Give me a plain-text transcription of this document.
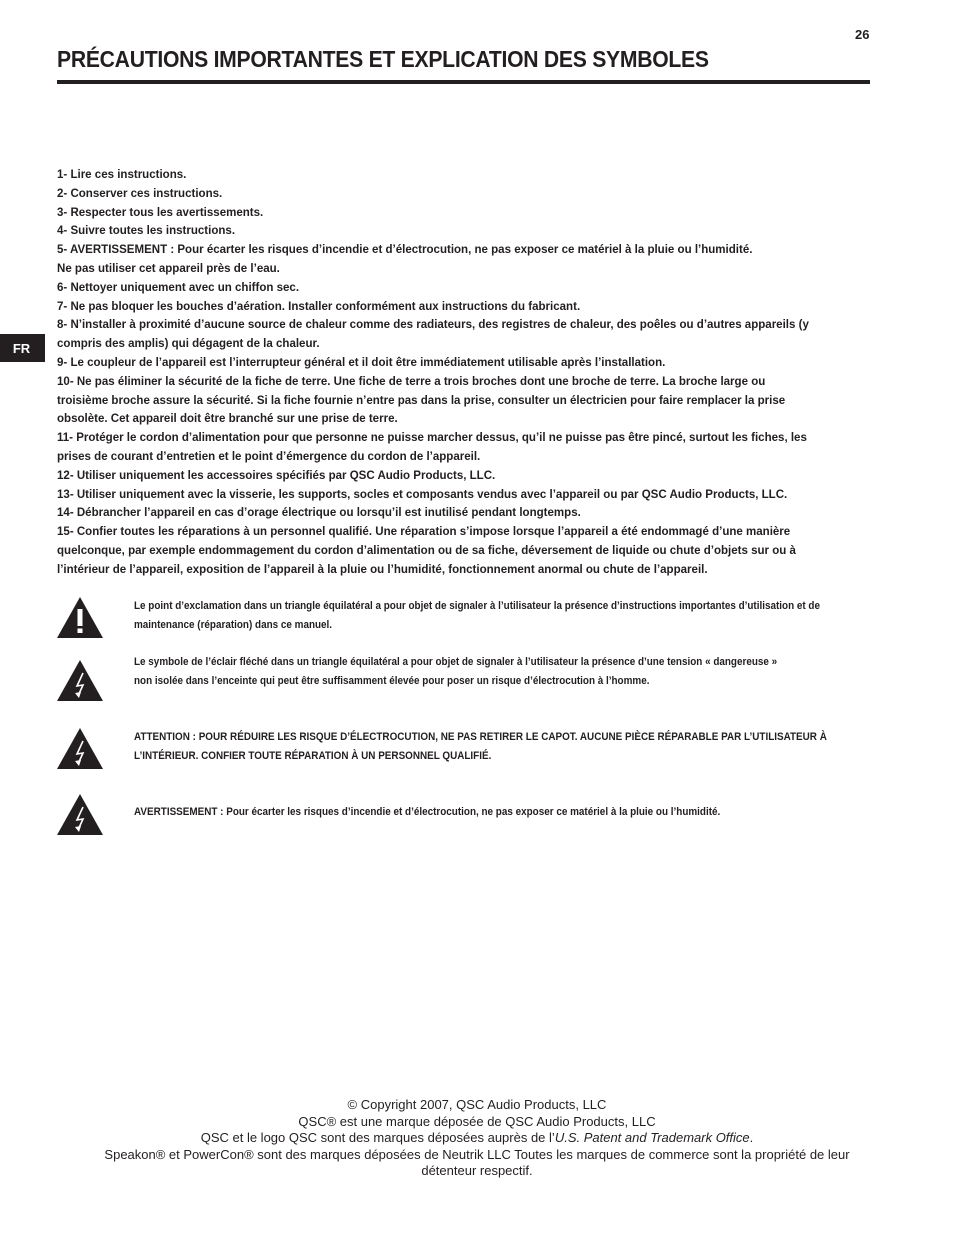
26
PRÉCAUTIONS IMPORTANTES ET EXPLICATION DES SYMBOLES
FR
1- Lire ces instructions.
2- Conserver ces instructions.
3- Respecter tous les avertissements.
4- Suivre toutes les instructions.
5- AVERTISSEMENT : Pour écarter les risques d’incendie et d’électrocution, ne pas exposer ce matériel à la pluie ou l’humidité.
Ne pas utiliser cet appareil près de l’eau.
6- Nettoyer uniquement avec un chiffon sec.
7- Ne pas bloquer les bouches d’aération. Installer conformément aux instructions du fabricant.
8- N’installer à proximité d’aucune source de chaleur comme des radiateurs, des registres de chaleur, des poêles ou d’autres appareils (y
compris des amplis) qui dégagent de la chaleur.
9- Le coupleur de l’appareil est l’interrupteur général et il doit être immédiatement utilisable après l’installation.
10- Ne pas éliminer la sécurité de la fiche de terre. Une fiche de terre a trois broches dont une broche de terre. La broche large ou
troisième broche assure la sécurité. Si la fiche fournie n’entre pas dans la prise, consulter un électricien pour faire remplacer la prise
obsolète. Cet appareil doit être branché sur une prise de terre.
11- Protéger le cordon d’alimentation pour que personne ne puisse marcher dessus, qu’il ne puisse pas être pincé, surtout les fiches, les
prises de courant d’entretien et le point d’émergence du cordon de l’appareil.
12- Utiliser uniquement les accessoires spécifiés par QSC Audio Products, LLC.
13- Utiliser uniquement avec la visserie, les supports, socles et composants vendus avec l’appareil ou par QSC Audio Products, LLC.
14- Débrancher l’appareil en cas d’orage électrique ou lorsqu’il est inutilisé pendant longtemps.
15- Confier toutes les réparations à un personnel qualifié. Une réparation s’impose lorsque l’appareil a été endommagé d’une manière
quelconque, par exemple endommagement du cordon d’alimentation ou de sa fiche, déversement de liquide ou chute d’objets sur ou à
l’intérieur de l’appareil, exposition de l’appareil à la pluie ou l’humidité, fonctionnement anormal ou chute de l’appareil.
Le point d’exclamation dans un triangle équilatéral a pour objet de signaler à l’utilisateur la présence d’instructions importantes d’utilisation et de
maintenance (réparation) dans ce manuel.
Le symbole de l’éclair fléché dans un triangle équilatéral a pour objet de signaler à l’utilisateur la présence d’une tension « dangereuse »
non isolée dans l’enceinte qui peut être suffisamment élevée pour poser un risque d’électrocution à l’homme.
ATTENTION : POUR RÉDUIRE LES RISQUE D’ÉLECTROCUTION, NE PAS RETIRER LE CAPOT. AUCUNE PIÈCE RÉPARABLE PAR L’UTILISATEUR À
L’INTÉRIEUR. CONFIER TOUTE RÉPARATION À UN PERSONNEL QUALIFIÉ.
AVERTISSEMENT : Pour écarter les risques d’incendie et d’électrocution, ne pas exposer ce matériel à la pluie ou l’humidité.
© Copyright 2007, QSC Audio Products, LLC
QSC® est une marque déposée de QSC Audio Products, LLC
QSC et le logo QSC sont des marques déposées auprès de l’U.S. Patent and Trademark Office.
Speakon® et PowerCon® sont des marques déposées de Neutrik LLC Toutes les marques de commerce sont la propriété de leur
détenteur respectif.
